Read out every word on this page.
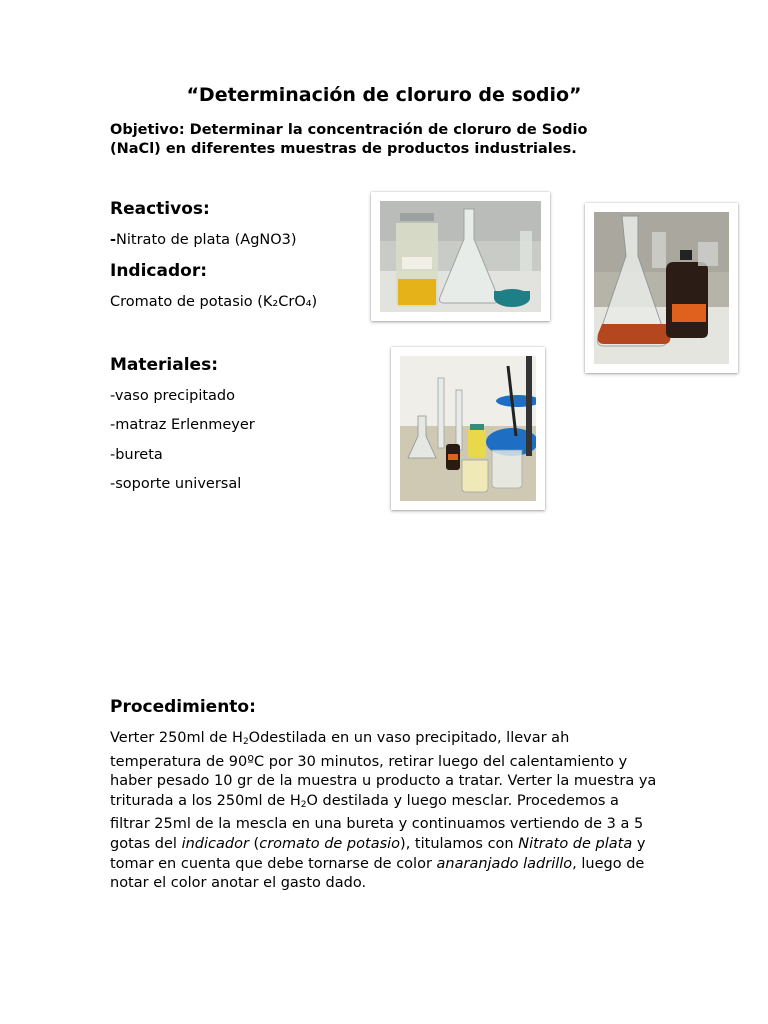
“Determinación de cloruro de sodio”
Objetivo: Determinar la concentración de cloruro de Sodio
(NaCl) en diferentes muestras de productos industriales.
Reactivos:
-Nitrato de plata (AgNO3)
Indicador:
Cromato de potasio (K₂CrO₄)
Materiales:
-vaso precipitado
-matraz Erlenmeyer
-bureta
-soporte universal
Procedimiento:
Verter 250ml de $H_2Odestilada$ en un vaso precipitado, llevar ah temperatura de 90ºC por 30 minutos, retirar luego del calentamiento y haber pesado 10 gr de la muestra u producto a tratar. Verter la muestra ya triturada a los 250ml de $H_2O$ destilada y luego mesclar. Procedemos a filtrar 25ml de la mescla en una bureta y continuamos vertiendo de 3 a 5 gotas del indicador (cromato de potasio), titulamos con Nitrato de plata y tomar en cuenta que debe tornarse de color anaranjado ladrillo, luego de notar el color anotar el gasto dado.
